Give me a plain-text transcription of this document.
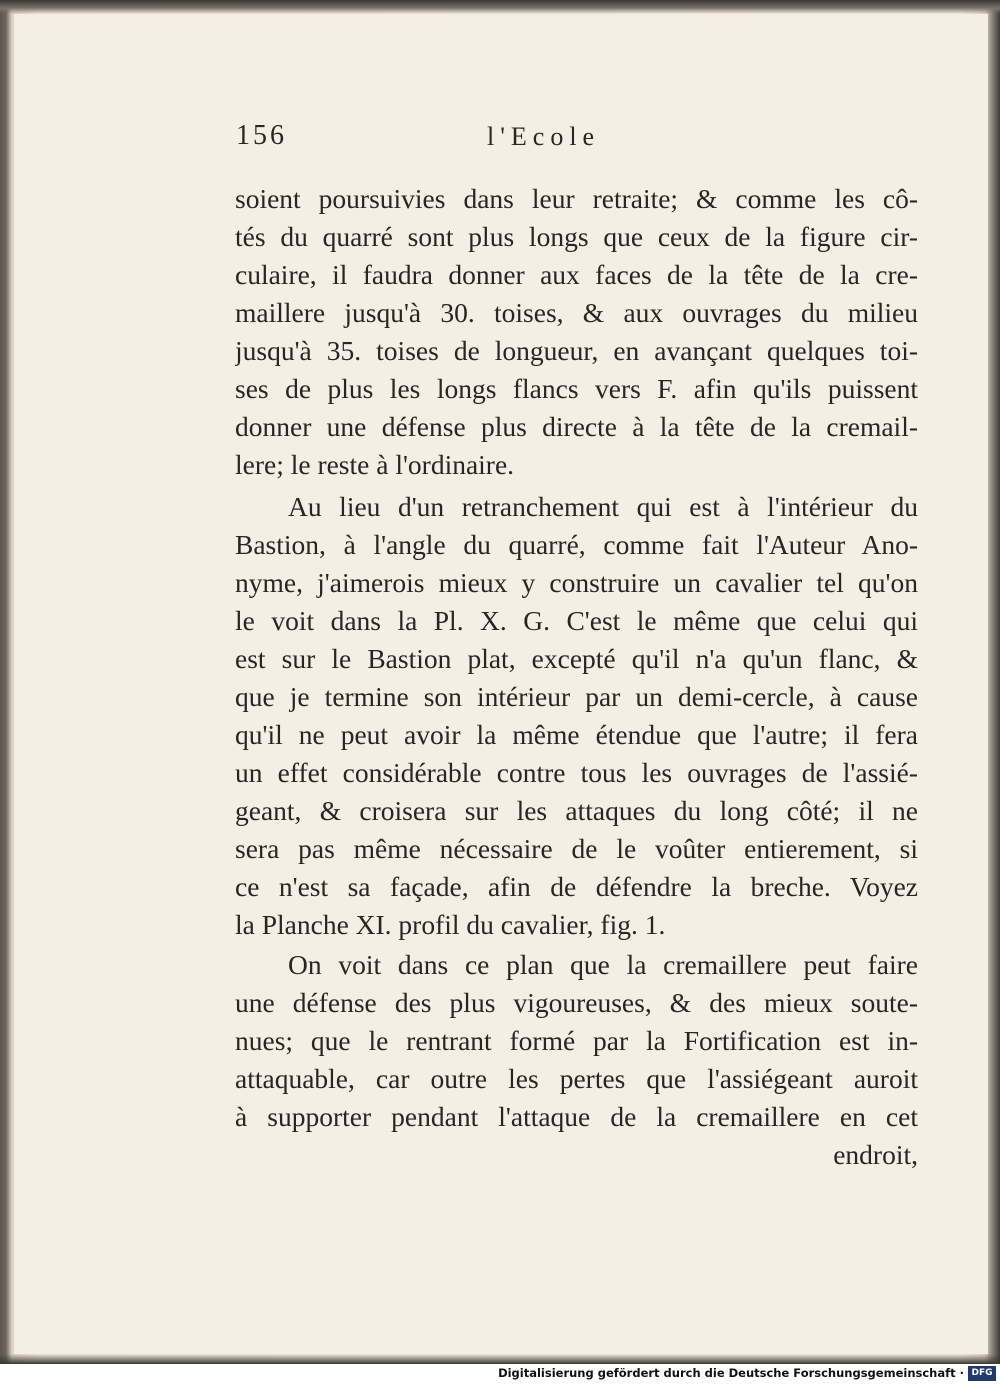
156	l'Ecole
soient poursuivies dans leur retraite; & comme les cô-
tés du quarré sont plus longs que ceux de la figure cir-
culaire, il faudra donner aux faces de la tête de la cre-
maillere jusqu'à 30. toises, & aux ouvrages du milieu
jusqu'à 35. toises de longueur, en avançant quelques toi-
ses de plus les longs flancs vers F. afin qu'ils puissent
donner une défense plus directe à la tête de la cremail-
lere; le reste à l'ordinaire.
Au lieu d'un retranchement qui est à l'intérieur du
Bastion, à l'angle du quarré, comme fait l'Auteur Ano-
nyme, j'aimerois mieux y construire un cavalier tel qu'on
le voit dans la Pl. X. G. C'est le même que celui qui
est sur le Bastion plat, excepté qu'il n'a qu'un flanc, &
que je termine son intérieur par un demi-cercle, à cause
qu'il ne peut avoir la même étendue que l'autre; il fera
un effet considérable contre tous les ouvrages de l'assié-
geant, & croisera sur les attaques du long côté; il ne
sera pas même nécessaire de le voûter entierement, si
ce n'est sa façade, afin de défendre la breche. Voyez
la Planche XI. profil du cavalier, fig. 1.
On voit dans ce plan que la cremaillere peut faire
une défense des plus vigoureuses, & des mieux soute-
nues; que le rentrant formé par la Fortification est in-
attaquable, car outre les pertes que l'assiégeant auroit
à supporter pendant l'attaque de la cremaillere en cet
endroit,
Digitalisierung gefördert durch die Deutsche Forschungsgemeinschaft · DFG
